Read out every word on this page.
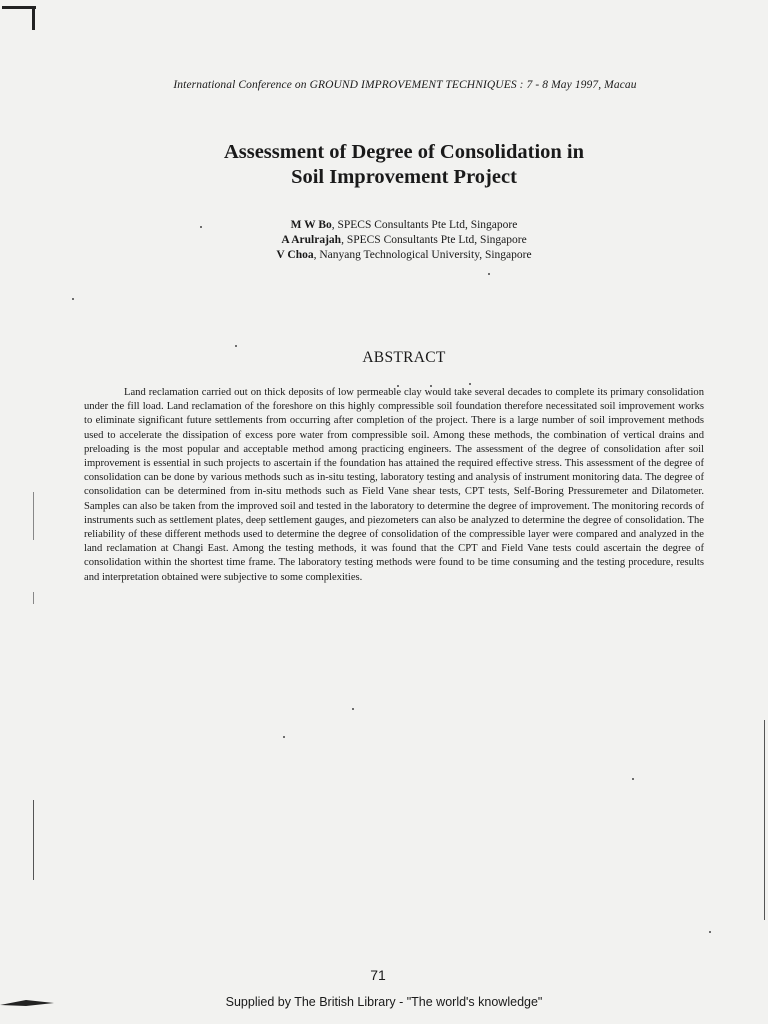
International Conference on GROUND IMPROVEMENT TECHNIQUES : 7 - 8 May 1997, Macau
Assessment of Degree of Consolidation in
Soil Improvement Project
M W Bo, SPECS Consultants Pte Ltd, Singapore
A Arulrajah, SPECS Consultants Pte Ltd, Singapore
V Choa, Nanyang Technological University, Singapore
ABSTRACT

Land reclamation carried out on thick deposits of low permeable clay would take several decades to complete its primary consolidation under the fill load. Land reclamation of the foreshore on this highly compressible soil foundation therefore necessitated soil improvement works to eliminate significant future settlements from occurring after completion of the project. There is a large number of soil improvement methods used to accelerate the dissipation of excess pore water from compressible soil. Among these methods, the combination of vertical drains and preloading is the most popular and acceptable method among practicing engineers. The assessment of the degree of consolidation after soil improvement is essential in such projects to ascertain if the foundation has attained the required effective stress. This assessment of the degree of consolidation can be done by various methods such as in-situ testing, laboratory testing and analysis of instrument monitoring data. The degree of consolidation can be determined from in-situ methods such as Field Vane shear tests, CPT tests, Self-Boring Pressuremeter and Dilatometer. Samples can also be taken from the improved soil and tested in the laboratory to determine the degree of improvement. The monitoring records of instruments such as settlement plates, deep settlement gauges, and piezometers can also be analyzed to determine the degree of consolidation. The reliability of these different methods used to determine the degree of consolidation of the compressible layer were compared and analyzed in the land reclamation at Changi East. Among the testing methods, it was found that the CPT and Field Vane tests could ascertain the degree of consolidation within the shortest time frame. The laboratory testing methods were found to be time consuming and the testing procedure, results and interpretation obtained were subjective to some complexities.

71
Supplied by The British Library - "The world's knowledge"
